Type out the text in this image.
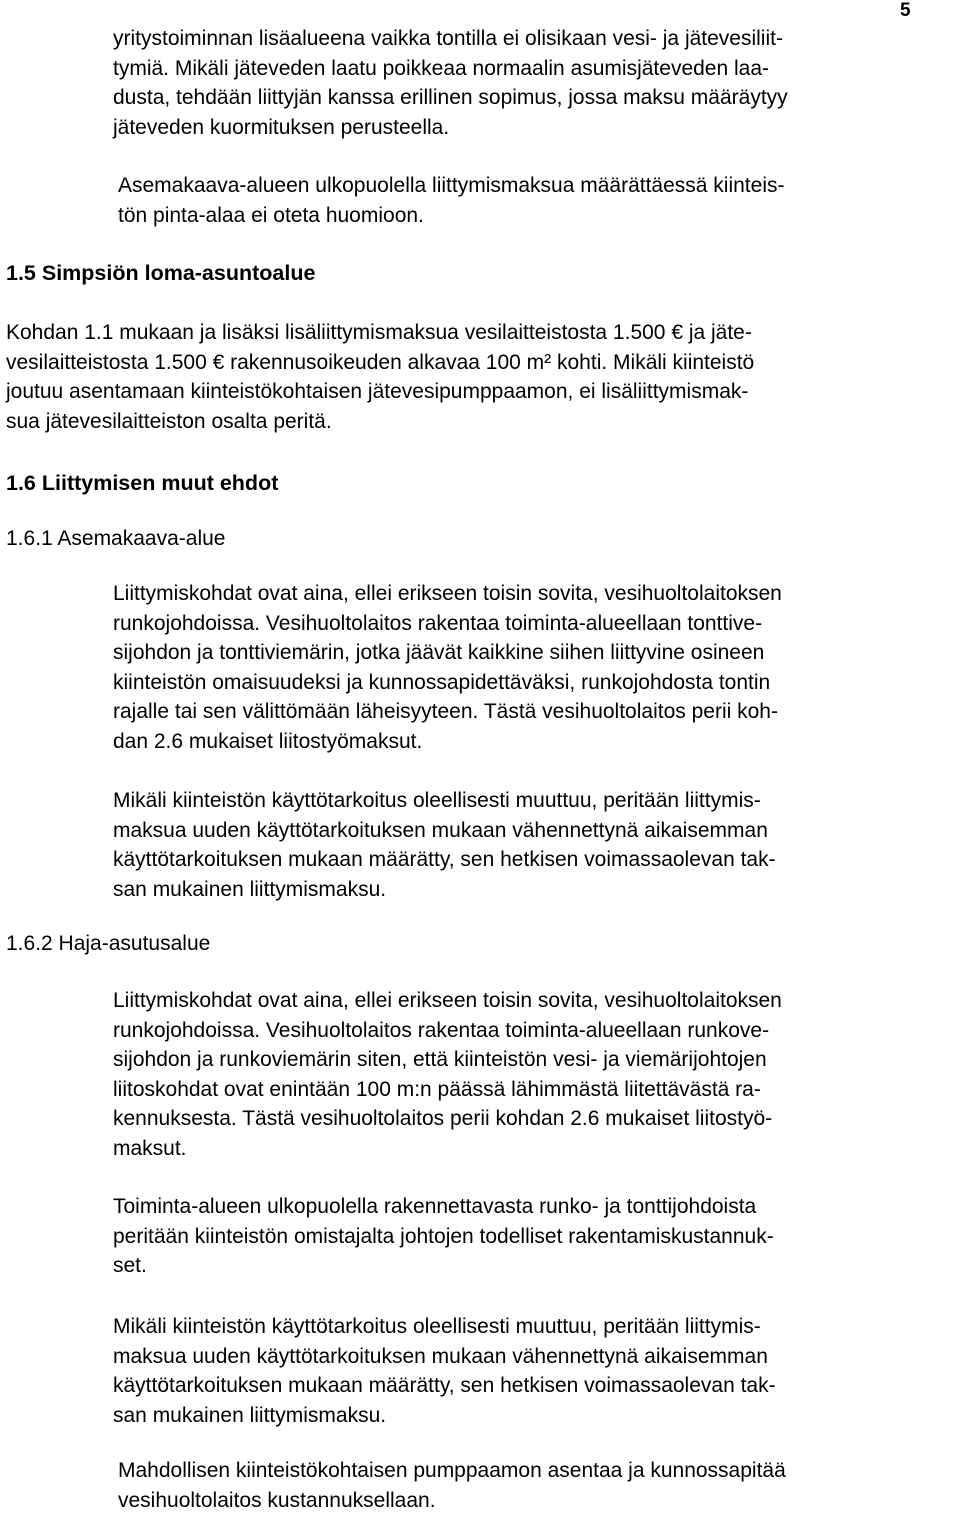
5
yritystoiminnan lisäalueena vaikka tontilla ei olisikaan vesi- ja jätevesiliit-
tymiä. Mikäli jäteveden laatu poikkeaa normaalin asumisjäteveden laa-
dusta, tehdään liittyjän kanssa erillinen sopimus, jossa maksu määräytyy
jäteveden kuormituksen perusteella.
Asemakaava-alueen ulkopuolella liittymismaksua määrättäessä kiinteis-
tön pinta-alaa ei oteta huomioon.
1.5 Simpsiön loma-asuntoalue
Kohdan 1.1 mukaan ja lisäksi lisäliittymismaksua vesilaitteistosta 1.500 € ja jäte-
vesilaitteistosta 1.500 € rakennusoikeuden alkavaa 100 m² kohti. Mikäli kiinteistö
joutuu asentamaan kiinteistökohtaisen jätevesipumppaamon, ei lisäliittymismak-
sua jätevesilaitteiston osalta peritä.
1.6 Liittymisen muut ehdot
1.6.1 Asemakaava-alue
Liittymiskohdat ovat aina, ellei erikseen toisin sovita, vesihuoltolaitoksen
runkojohdoissa. Vesihuoltolaitos rakentaa toiminta-alueellaan tonttive-
sijohdon ja tonttiviemärin, jotka jäävät kaikkine siihen liittyvine osineen
kiinteistön omaisuudeksi ja kunnossapidettäväksi, runkojohdosta tontin
rajalle tai sen välittömään läheisyyteen. Tästä vesihuoltolaitos perii koh-
dan 2.6 mukaiset liitostyömaksut.
Mikäli kiinteistön käyttötarkoitus oleellisesti muuttuu, peritään liittymis-
maksua uuden käyttötarkoituksen mukaan vähennettynä aikaisemman
käyttötarkoituksen mukaan määrätty, sen hetkisen voimassaolevan tak-
san mukainen liittymismaksu.
1.6.2 Haja-asutusalue
Liittymiskohdat ovat aina, ellei erikseen toisin sovita, vesihuoltolaitoksen
runkojohdoissa. Vesihuoltolaitos rakentaa toiminta-alueellaan runkove-
sijohdon ja runkoviemärin siten, että kiinteistön vesi- ja viemärijohtojen
liitoskohdat ovat enintään 100 m:n päässä lähimmästä liitettävästä ra-
kennuksesta. Tästä vesihuoltolaitos perii kohdan 2.6 mukaiset liitostyö-
maksut.
Toiminta-alueen ulkopuolella rakennettavasta runko- ja tonttijohdoista
peritään kiinteistön omistajalta johtojen todelliset rakentamiskustannuk-
set.
Mikäli kiinteistön käyttötarkoitus oleellisesti muuttuu, peritään liittymis-
maksua uuden käyttötarkoituksen mukaan vähennettynä aikaisemman
käyttötarkoituksen mukaan määrätty, sen hetkisen voimassaolevan tak-
san mukainen liittymismaksu.
Mahdollisen kiinteistökohtaisen pumppaamon asentaa ja kunnossapitää
vesihuoltolaitos kustannuksellaan.
